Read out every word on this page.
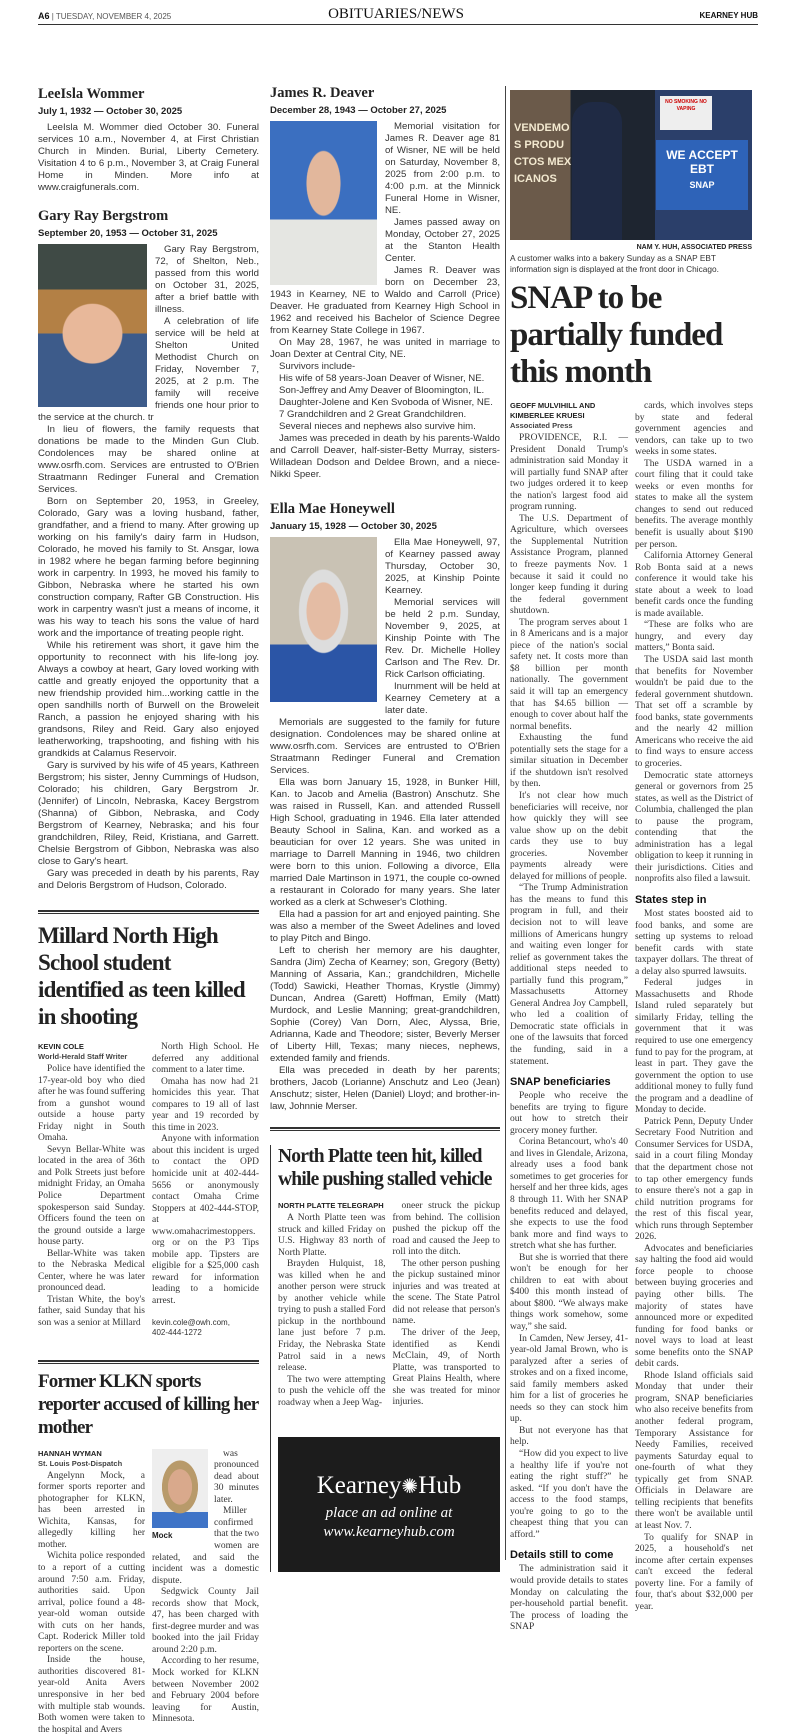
A6 | TUESDAY, NOVEMBER 4, 2025	OBITUARIES/NEWS	KEARNEY HUB
LeeIsla Wommer
July 1, 1932 — October 30, 2025

LeeIsla M. Wommer died October 30. Funeral services 10 a.m., November 4, at First Christian Church in Minden. Burial, Liberty Cemetery. Visitation 4 to 6 p.m., November 3, at Craig Funeral Home in Minden. More info at www.craigfunerals.com.

Gary Ray Bergstrom
September 20, 1953 — October 31, 2025

Gary Ray Bergstrom, 72, of Shelton, Neb., passed from this world on October 31, 2025, after a brief battle with illness.

A celebration of life service will be held at Shelton United Methodist Church on Friday, November 7, 2025, at 2 p.m. The family will receive friends one hour prior to the service at the church. tr

In lieu of flowers, the family requests that donations be made to the Minden Gun Club. Condolences may be shared online at www.osrfh.com. Services are entrusted to O'Brien Straatmann Redinger Funeral and Cremation Services.

Born on September 20, 1953, in Greeley, Colorado, Gary was a loving husband, father, grandfather, and a friend to many. After growing up working on his family's dairy farm in Hudson, Colorado, he moved his family to St. Ansgar, Iowa in 1982 where he began farming before beginning work in carpentry. In 1993, he moved his family to Gibbon, Nebraska where he started his own construction company, Rafter GB Construction. His work in carpentry wasn't just a means of income, it was his way to teach his sons the value of hard work and the importance of treating people right.

While his retirement was short, it gave him the opportunity to reconnect with his life-long joy. Always a cowboy at heart, Gary loved working with cattle and greatly enjoyed the opportunity that a new friendship provided him...working cattle in the open sandhills north of Burwell on the Broweleit Ranch, a passion he enjoyed sharing with his grandsons, Riley and Reid. Gary also enjoyed leatherworking, trapshooting, and fishing with his grandkids at Calamus Reservoir.

Gary is survived by his wife of 45 years, Kathreen Bergstrom; his sister, Jenny Cummings of Hudson, Colorado; his children, Gary Bergstrom Jr. (Jennifer) of Lincoln, Nebraska, Kacey Bergstrom (Shanna) of Gibbon, Nebraska, and Cody Bergstrom of Kearney, Nebraska; and his four grandchildren, Riley, Reid, Kristiana, and Garrett. Chelsie Bergstrom of Gibbon, Nebraska was also close to Gary's heart.

Gary was preceded in death by his parents, Ray and Deloris Bergstrom of Hudson, Colorado.

Millard North High School student identified as teen killed in shooting
KEVIN COLE
World-Herald Staff Writer

Police have identified the 17-year-old boy who died after he was found suffering from a gunshot wound outside a house party Friday night in South Omaha.

Sevyn Bellar-White was located in the area of 36th and Polk Streets just before midnight Friday, an Omaha Police Department spokesperson said Sunday. Officers found the teen on the ground outside a large house party.

Bellar-White was taken to the Nebraska Medical Center, where he was later pronounced dead.

Tristan White, the boy's father, said Sunday that his son was a senior at Millard

North High School. He deferred any additional comment to a later time.

Omaha has now had 21 homicides this year. That compares to 19 all of last year and 19 recorded by this time in 2023.

Anyone with information about this incident is urged to contact the OPD homicide unit at 402-444-5656 or anonymously contact Omaha Crime Stoppers at 402-444-STOP, at www.omahacrimestoppers.org or on the P3 Tips mobile app. Tipsters are eligible for a $25,000 cash reward for information leading to a homicide arrest.

kevin.cole@owh.com,
402-444-1272
Former KLKN sports reporter accused of killing her mother
HANNAH WYMAN
St. Louis Post-Dispatch

Angelynn Mock, a former sports reporter and photographer for KLKN, has been arrested in Wichita, Kansas, for allegedly killing her mother.

Wichita police responded to a report of a cutting around 7:50 a.m. Friday, authorities said. Upon arrival, police found a 48-year-old woman outside with cuts on her hands, Capt. Roderick Miller told reporters on the scene.

Inside the house, authorities discovered 81-year-old Anita Avers unresponsive in her bed with multiple stab wounds. Both women were taken to the hospital and Avers

Mock

was pronounced dead about 30 minutes later.

Miller confirmed that the two women are related, and said the incident was a domestic dispute.

Sedgwick County Jail records show that Mock, 47, has been charged with first-degree murder and was booked into the jail Friday around 2:20 p.m.

According to her resume, Mock worked for KLKN between November 2002 and February 2004 before leaving for Austin, Minnesota.

James R. Deaver
December 28, 1943 — October 27, 2025

Memorial visitation for James R. Deaver age 81 of Wisner, NE will be held on Saturday, November 8, 2025 from 2:00 p.m. to 4:00 p.m. at the Minnick Funeral Home in Wisner, NE.

James passed away on Monday, October 27, 2025 at the Stanton Health Center.

James R. Deaver was born on December 23, 1943 in Kearney, NE to Waldo and Carroll (Price) Deaver. He graduated from Kearney High School in 1962 and received his Bachelor of Science Degree from Kearney State College in 1967.

On May 28, 1967, he was united in marriage to Joan Dexter at Central City, NE.

Survivors include-

His wife of 58 years-Joan Deaver of Wisner, NE.

Son-Jeffrey and Amy Deaver of Bloomington, IL.

Daughter-Jolene and Ken Svoboda of Wisner, NE.

7 Grandchildren and 2 Great Grandchildren.

Several nieces and nephews also survive him.

James was preceded in death by his parents-Waldo and Carroll Deaver, half-sister-Betty Murray, sisters-Willadean Dodson and Deldee Brown, and a niece-Nikki Speer.

Ella Mae Honeywell
January 15, 1928 — October 30, 2025

Ella Mae Honeywell, 97, of Kearney passed away Thursday, October 30, 2025, at Kinship Pointe Kearney.

Memorial services will be held 2 p.m. Sunday, November 9, 2025, at Kinship Pointe with The Rev. Dr. Michelle Holley Carlson and The Rev. Dr. Rick Carlson officiating.

Inurnment will be held at Kearney Cemetery at a later date.

Memorials are suggested to the family for future designation. Condolences may be shared online at www.osrfh.com. Services are entrusted to O'Brien Straatmann Redinger Funeral and Cremation Services.

Ella was born January 15, 1928, in Bunker Hill, Kan. to Jacob and Amelia (Bastron) Anschutz. She was raised in Russell, Kan. and attended Russell High School, graduating in 1946. Ella later attended Beauty School in Salina, Kan. and worked as a beautician for over 12 years. She was united in marriage to Darrell Manning in 1946, two children were born to this union. Following a divorce, Ella married Dale Martinson in 1971, the couple co-owned a restaurant in Colorado for many years. She later worked as a clerk at Schweser's Clothing.

Ella had a passion for art and enjoyed painting. She was also a member of the Sweet Adelines and loved to play Pitch and Bingo.

Left to cherish her memory are his daughter, Sandra (Jim) Zecha of Kearney; son, Gregory (Betty) Manning of Assaria, Kan.; grandchildren, Michelle (Todd) Sawicki, Heather Thomas, Krystle (Jimmy) Duncan, Andrea (Garett) Hoffman, Emily (Matt) Murdock, and Leslie Manning; great-grandchildren, Sophie (Corey) Van Dorn, Alec, Alyssa, Brie, Adrianna, Kade and Theodore; sister, Beverly Merser of Liberty Hill, Texas; many nieces, nephews, extended family and friends.

Ella was preceded in death by her parents; brothers, Jacob (Lorianne) Anschutz and Leo (Jean) Anschutz; sister, Helen (Daniel) Lloyd; and brother-in-law, Johnnie Merser.

North Platte teen hit, killed while pushing stalled vehicle
NORTH PLATTE TELEGRAPH

A North Platte teen was struck and killed Friday on U.S. Highway 83 north of North Platte.

Brayden Hulquist, 18, was killed when he and another person were struck by another vehicle while trying to push a stalled Ford pickup in the northbound lane just before 7 p.m. Friday, the Nebraska State Patrol said in a news release.

The two were attempting to push the vehicle off the roadway when a Jeep Wag-

oneer struck the pickup from behind. The collision pushed the pickup off the road and caused the Jeep to roll into the ditch.

The other person pushing the pickup sustained minor injuries and was treated at the scene. The State Patrol did not release that person's name.

The driver of the Jeep, identified as Kendi McClain, 49, of North Platte, was transported to Great Plains Health, where she was treated for minor injuries.

Kearney✺Hub
place an ad online at
www.kearneyhub.com
VENDEMOS PRODUCTOS MEXICANOS
NO SMOKING NO VAPING
WE ACCEPT EBT
SNAP
NAM Y. HUH, ASSOCIATED PRESS
A customer walks into a bakery Sunday as a SNAP EBT information sign is displayed at the front door in Chicago.
SNAP to be partially funded this month
GEOFF MULVIHILL AND
KIMBERLEE KRUESI
Associated Press

PROVIDENCE, R.I. — President Donald Trump's administration said Monday it will partially fund SNAP after two judges ordered it to keep the nation's largest food aid program running.

The U.S. Department of Agriculture, which oversees the Supplemental Nutrition Assistance Program, planned to freeze payments Nov. 1 because it said it could no longer keep funding it during the federal government shutdown.

The program serves about 1 in 8 Americans and is a major piece of the nation's social safety net. It costs more than $8 billion per month nationally. The government said it will tap an emergency that has $4.65 billion — enough to cover about half the normal benefits.

Exhausting the fund potentially sets the stage for a similar situation in December if the shutdown isn't resolved by then.

It's not clear how much beneficiaries will receive, nor how quickly they will see value show up on the debit cards they use to buy groceries. November payments already were delayed for millions of people.

“The Trump Administration has the means to fund this program in full, and their decision not to will leave millions of Americans hungry and waiting even longer for relief as government takes the additional steps needed to partially fund this program,” Massachusetts Attorney General Andrea Joy Campbell, who led a coalition of Democratic state officials in one of the lawsuits that forced the funding, said in a statement.

SNAP beneficiaries

People who receive the benefits are trying to figure out how to stretch their grocery money further.

Corina Betancourt, who's 40 and lives in Glendale, Arizona, already uses a food bank sometimes to get groceries for herself and her three kids, ages 8 through 11. With her SNAP benefits reduced and delayed, she expects to use the food bank more and find ways to stretch what she has further.

But she is worried that there won't be enough for her children to eat with about $400 this month instead of about $800. “We always make things work somehow, some way,” she said.

In Camden, New Jersey, 41-year-old Jamal Brown, who is paralyzed after a series of strokes and on a fixed income, said family members asked him for a list of groceries he needs so they can stock him up.

But not everyone has that help.

“How did you expect to live a healthy life if you're not eating the right stuff?” he asked. “If you don't have the access to the food stamps, you're going to go to the cheapest thing that you can afford.”

Details still to come

The administration said it would provide details to states Monday on calculating the per-household partial benefit. The process of loading the SNAP

cards, which involves steps by state and federal government agencies and vendors, can take up to two weeks in some states.

The USDA warned in a court filing that it could take weeks or even months for states to make all the system changes to send out reduced benefits. The average monthly benefit is usually about $190 per person.

California Attorney General Rob Bonta said at a news conference it would take his state about a week to load benefit cards once the funding is made available.

“These are folks who are hungry, and every day matters,” Bonta said.

The USDA said last month that benefits for November wouldn't be paid due to the federal government shutdown. That set off a scramble by food banks, state governments and the nearly 42 million Americans who receive the aid to find ways to ensure access to groceries.

Democratic state attorneys general or governors from 25 states, as well as the District of Columbia, challenged the plan to pause the program, contending that the administration has a legal obligation to keep it running in their jurisdictions. Cities and nonprofits also filed a lawsuit.

States step in

Most states boosted aid to food banks, and some are setting up systems to reload benefit cards with state taxpayer dollars. The threat of a delay also spurred lawsuits.

Federal judges in Massachusetts and Rhode Island ruled separately but similarly Friday, telling the government that it was required to use one emergency fund to pay for the program, at least in part. They gave the government the option to use additional money to fully fund the program and a deadline of Monday to decide.

Patrick Penn, Deputy Under Secretary Food Nutrition and Consumer Services for USDA, said in a court filing Monday that the department chose not to tap other emergency funds to ensure there's not a gap in child nutrition programs for the rest of this fiscal year, which runs through September 2026.

Advocates and beneficiaries say halting the food aid would force people to choose between buying groceries and paying other bills. The majority of states have announced more or expedited funding for food banks or novel ways to load at least some benefits onto the SNAP debit cards.

Rhode Island officials said Monday that under their program, SNAP beneficiaries who also receive benefits from another federal program, Temporary Assistance for Needy Families, received payments Saturday equal to one-fourth of what they typically get from SNAP. Officials in Delaware are telling recipients that benefits there won't be available until at least Nov. 7.

To qualify for SNAP in 2025, a household's net income after certain expenses can't exceed the federal poverty line. For a family of four, that's about $32,000 per year.
